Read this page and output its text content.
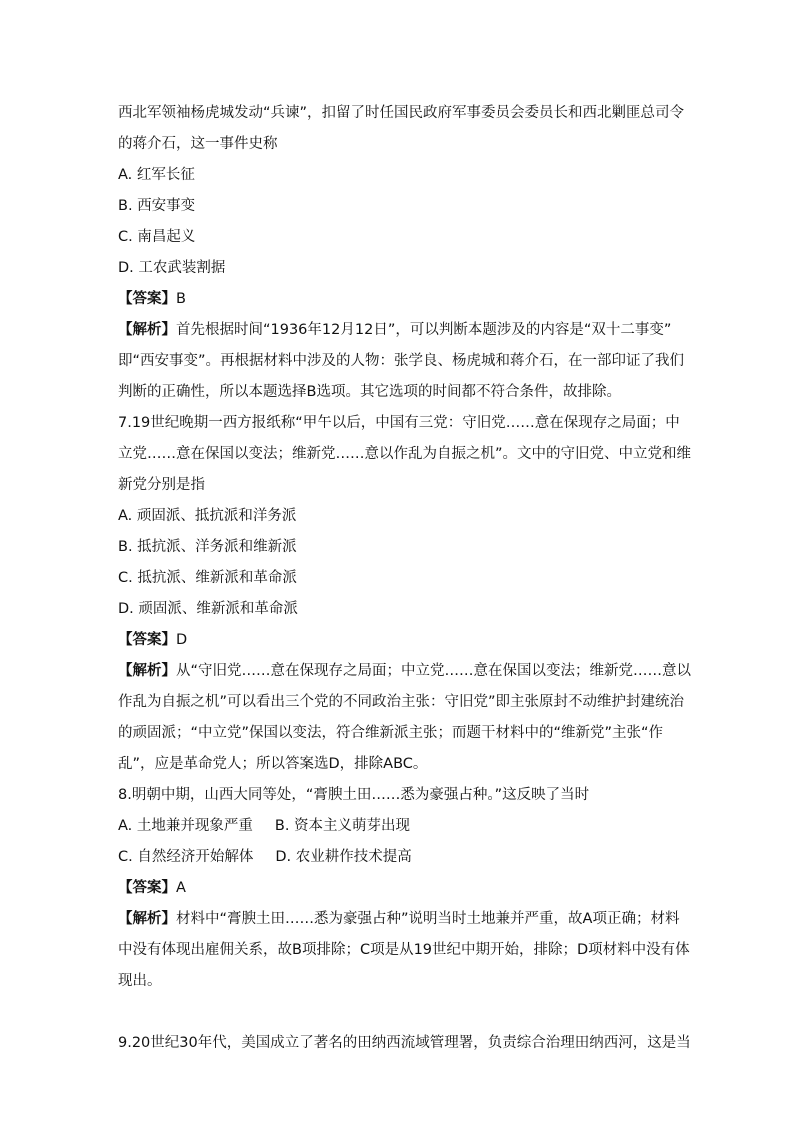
西北军领袖杨虎城发动“兵谏”，扣留了时任国民政府军事委员会委员长和西北剿匪总司令
的蒋介石，这一事件史称
A. 红军长征
B. 西安事变
C. 南昌起义
D. 工农武装割据
【答案】B
【解析】首先根据时间“1936年12月12日”，可以判断本题涉及的内容是“双十二事变”
即“西安事变”。再根据材料中涉及的人物：张学良、杨虎城和蒋介石，在一部印证了我们
判断的正确性，所以本题选择B选项。其它选项的时间都不符合条件，故排除。
7.19世纪晚期一西方报纸称“甲午以后，中国有三党：守旧党……意在保现存之局面；中
立党……意在保国以变法；维新党……意以作乱为自振之机”。文中的守旧党、中立党和维
新党分别是指
A. 顽固派、抵抗派和洋务派
B. 抵抗派、洋务派和维新派
C. 抵抗派、维新派和革命派
D. 顽固派、维新派和革命派
【答案】D
【解析】从“守旧党……意在保现存之局面；中立党……意在保国以变法；维新党……意以
作乱为自振之机”可以看出三个党的不同政治主张：守旧党”即主张原封不动维护封建统治
的顽固派；“中立党”保国以变法，符合维新派主张；而题干材料中的“维新党”主张“作
乱”，应是革命党人；所以答案选D，排除ABC。
8.明朝中期，山西大同等处，“膏腴土田……悉为豪强占种。”这反映了当时
A. 土地兼并现象严重 B. 资本主义萌芽出现
C. 自然经济开始解体 D. 农业耕作技术提高
【答案】A
【解析】材料中“膏腴土田……悉为豪强占种”说明当时土地兼并严重，故A项正确；材料
中没有体现出雇佣关系，故B项排除；C项是从19世纪中期开始，排除；D项材料中没有体
现出。
9.20世纪30年代，美国成立了著名的田纳西流域管理署，负责综合治理田纳西河，这是当
